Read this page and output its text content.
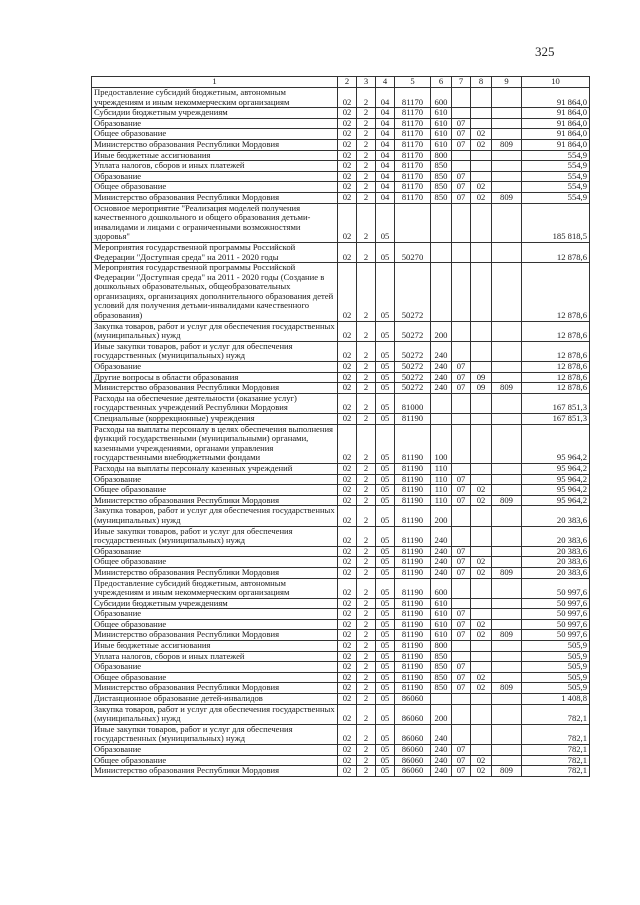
325
1	2	3	4	5	6	7	8	9	10
Предоставление субсидий бюджетным, автономным учреждениям и иным некоммерческим организациям	02	2	04	81170	600				91 864,0
Субсидии бюджетным учреждениям	02	2	04	81170	610				91 864,0
Образование	02	2	04	81170	610	07			91 864,0
Общее образование	02	2	04	81170	610	07	02		91 864,0
Министерство образования Республики Мордовия	02	2	04	81170	610	07	02	809	91 864,0
Иные бюджетные ассигнования	02	2	04	81170	800				554,9
Уплата налогов, сборов и иных платежей	02	2	04	81170	850				554,9
Образование	02	2	04	81170	850	07			554,9
Общее образование	02	2	04	81170	850	07	02		554,9
Министерство образования Республики Мордовия	02	2	04	81170	850	07	02	809	554,9
Основное мероприятие "Реализация моделей получения качественного дошкольного и общего образования детьми-инвалидами и лицами с ограниченными возможностями здоровья"	02	2	05						185 818,5
Мероприятия государственной программы Российской Федерации "Доступная среда" на 2011 - 2020 годы	02	2	05	50270					12 878,6
Мероприятия государственной программы Российской Федерации "Доступная среда" на 2011 - 2020 годы (Создание в дошкольных образовательных, общеобразовательных организациях, организациях дополнительного образования детей условий для получения детьми-инвалидами качественного образования)	02	2	05	50272					12 878,6
Закупка товаров, работ и услуг для обеспечения государственных (муниципальных) нужд	02	2	05	50272	200				12 878,6
Иные закупки товаров, работ и услуг для обеспечения государственных (муниципальных) нужд	02	2	05	50272	240				12 878,6
Образование	02	2	05	50272	240	07			12 878,6
Другие вопросы в области образования	02	2	05	50272	240	07	09		12 878,6
Министерство образования Республики Мордовия	02	2	05	50272	240	07	09	809	12 878,6
Расходы на обеспечение деятельности (оказание услуг) государственных учреждений Республики Мордовия	02	2	05	81000					167 851,3
Специальные (коррекционные) учреждения	02	2	05	81190					167 851,3
Расходы на выплаты персоналу в целях обеспечения выполнения функций государственными (муниципальными) органами, казенными учреждениями, органами управления государственными внебюджетными фондами	02	2	05	81190	100				95 964,2
Расходы на выплаты персоналу казенных учреждений	02	2	05	81190	110				95 964,2
Образование	02	2	05	81190	110	07			95 964,2
Общее образование	02	2	05	81190	110	07	02		95 964,2
Министерство образования Республики Мордовия	02	2	05	81190	110	07	02	809	95 964,2
Закупка товаров, работ и услуг для обеспечения государственных (муниципальных) нужд	02	2	05	81190	200				20 383,6
Иные закупки товаров, работ и услуг для обеспечения государственных (муниципальных) нужд	02	2	05	81190	240				20 383,6
Образование	02	2	05	81190	240	07			20 383,6
Общее образование	02	2	05	81190	240	07	02		20 383,6
Министерство образования Республики Мордовия	02	2	05	81190	240	07	02	809	20 383,6
Предоставление субсидий бюджетным, автономным учреждениям и иным некоммерческим организациям	02	2	05	81190	600				50 997,6
Субсидии бюджетным учреждениям	02	2	05	81190	610				50 997,6
Образование	02	2	05	81190	610	07			50 997,6
Общее образование	02	2	05	81190	610	07	02		50 997,6
Министерство образования Республики Мордовия	02	2	05	81190	610	07	02	809	50 997,6
Иные бюджетные ассигнования	02	2	05	81190	800				505,9
Уплата налогов, сборов и иных платежей	02	2	05	81190	850				505,9
Образование	02	2	05	81190	850	07			505,9
Общее образование	02	2	05	81190	850	07	02		505,9
Министерство образования Республики Мордовия	02	2	05	81190	850	07	02	809	505,9
Дистанционное образование детей-инвалидов	02	2	05	86060					1 408,8
Закупка товаров, работ и услуг для обеспечения государственных (муниципальных) нужд	02	2	05	86060	200				782,1
Иные закупки товаров, работ и услуг для обеспечения государственных (муниципальных) нужд	02	2	05	86060	240				782,1
Образование	02	2	05	86060	240	07			782,1
Общее образование	02	2	05	86060	240	07	02		782,1
Министерство образования Республики Мордовия	02	2	05	86060	240	07	02	809	782,1
